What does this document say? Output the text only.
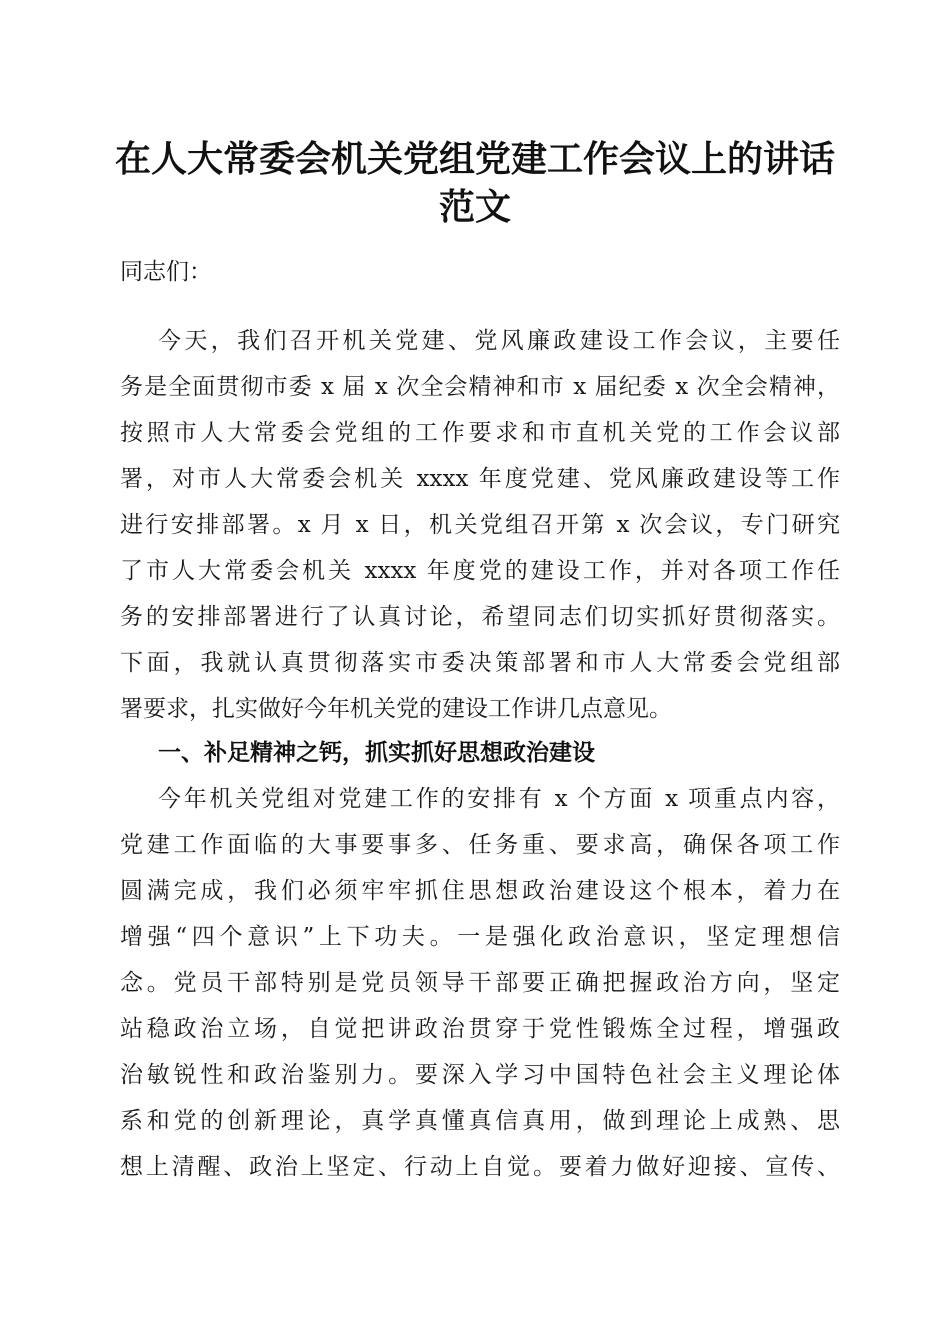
在人大常委会机关党组党建工作会议上的讲话
范文
同志们：
今天，我们召开机关党建、党风廉政建设工作会议，主要任
务是全面贯彻市委 x 届 x 次全会精神和市 x 届纪委 x 次全会精神，
按照市人大常委会党组的工作要求和市直机关党的工作会议部
署，对市人大常委会机关 xxxx 年度党建、党风廉政建设等工作
进行安排部署。x 月 x 日，机关党组召开第 x 次会议，专门研究
了市人大常委会机关 xxxx 年度党的建设工作，并对各项工作任
务的安排部署进行了认真讨论，希望同志们切实抓好贯彻落实。
下面，我就认真贯彻落实市委决策部署和市人大常委会党组部
署要求，扎实做好今年机关党的建设工作讲几点意见。
一、补足精神之钙，抓实抓好思想政治建设
今年机关党组对党建工作的安排有 x 个方面 x 项重点内容，
党建工作面临的大事要事多、任务重、要求高，确保各项工作
圆满完成，我们必须牢牢抓住思想政治建设这个根本，着力在
增强“四个意识”上下功夫。一是强化政治意识，坚定理想信
念。党员干部特别是党员领导干部要正确把握政治方向，坚定
站稳政治立场，自觉把讲政治贯穿于党性锻炼全过程，增强政
治敏锐性和政治鉴别力。要深入学习中国特色社会主义理论体
系和党的创新理论，真学真懂真信真用，做到理论上成熟、思
想上清醒、政治上坚定、行动上自觉。要着力做好迎接、宣传、
